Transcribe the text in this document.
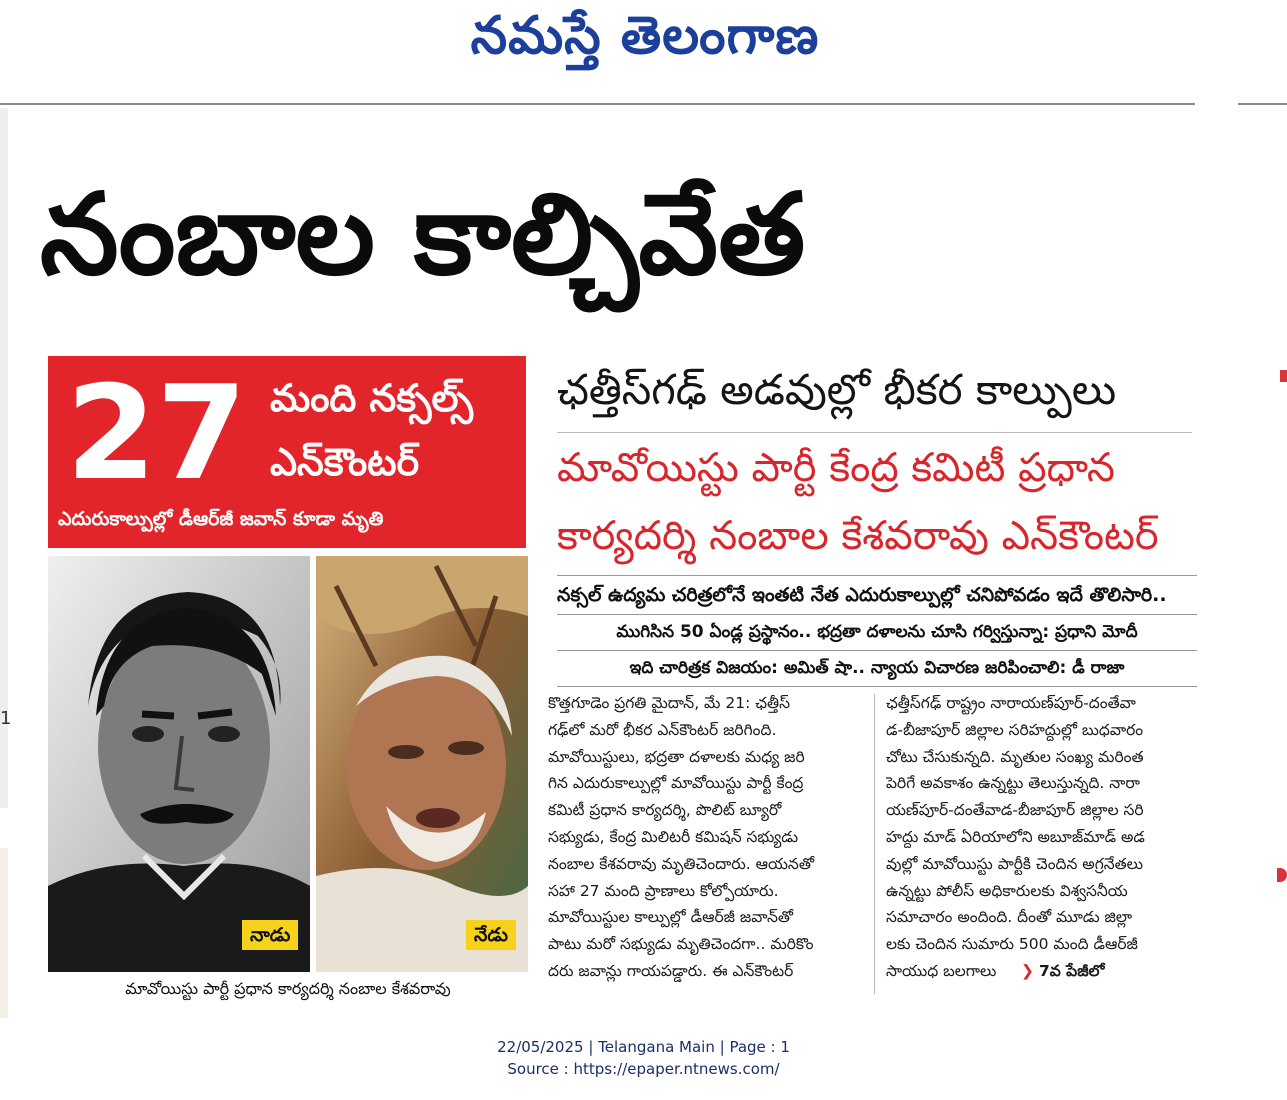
నమస్తే తెలంగాణ
1
నంబాల కాల్చివేత
27 మంది నక్సల్స్
ఎన్‌కౌంటర్
ఎదురుకాల్పుల్లో డీఆర్‌జీ జవాన్ కూడా మృతి
ఛత్తీస్‌గఢ్ అడవుల్లో భీకర కాల్పులు
మావోయిస్టు పార్టీ కేంద్ర కమిటీ ప్రధాన
కార్యదర్శి నంబాల కేశవరావు ఎన్‌కౌంటర్
నక్సల్ ఉద్యమ చరిత్రలోనే ఇంతటి నేత ఎదురుకాల్పుల్లో చనిపోవడం ఇదే తొలిసారి..
ముగిసిన 50 ఏండ్ల ప్రస్థానం.. భద్రతా దళాలను చూసి గర్విస్తున్నా: ప్రధాని మోదీ
ఇది చారిత్రక విజయం: అమిత్ షా.. న్యాయ విచారణ జరిపించాలి: డీ రాజా
నాడు	నేడు
మావోయిస్టు పార్టీ ప్రధాన కార్యదర్శి నంబాల కేశవరావు
కొత్తగూడెం ప్రగతి మైదాన్, మే 21: ఛత్తీస్
గఢ్‌లో మరో భీకర ఎన్‌కౌంటర్ జరిగింది.
మావోయిస్టులు, భద్రతా దళాలకు మధ్య జరి
గిన ఎదురుకాల్పుల్లో మావోయిస్టు పార్టీ కేంద్ర
కమిటీ ప్రధాన కార్యదర్శి, పొలిట్ బ్యూరో
సభ్యుడు, కేంద్ర మిలిటరీ కమిషన్ సభ్యుడు
నంబాల కేశవరావు మృతిచెందారు. ఆయనతో
సహా 27 మంది ప్రాణాలు కోల్పోయారు.
మావోయిస్టుల కాల్పుల్లో డీఆర్‌జీ జవాన్‌తో
పాటు మరో సభ్యుడు మృతిచెందగా.. మరికొం
దరు జవాన్లు గాయపడ్డారు. ఈ ఎన్‌కౌంటర్
ఛత్తీస్‌గఢ్ రాష్ట్రం నారాయణ్‌పూర్-దంతేవా
డ-బీజాపూర్ జిల్లాల సరిహద్దుల్లో బుధవారం
చోటు చేసుకున్నది. మృతుల సంఖ్య మరింత
పెరిగే అవకాశం ఉన్నట్టు తెలుస్తున్నది. నారా
యణ్‌పూర్-దంతేవాడ-బీజాపూర్ జిల్లాల సరి
హద్దు మాడ్ ఏరియాలోని అబూజ్‌మాడ్ అడ
వుల్లో మావోయిస్టు పార్టీకి చెందిన అగ్రనేతలు
ఉన్నట్టు పోలీస్ అధికారులకు విశ్వసనీయ
సమాచారం అందింది. దీంతో మూడు జిల్లా
లకు చెందిన సుమారు 500 మంది డీఆర్‌జీ
సాయుధ బలగాలు ❯ 7వ పేజీలో
22/05/2025 | Telangana Main | Page : 1
Source : https://epaper.ntnews.com/
